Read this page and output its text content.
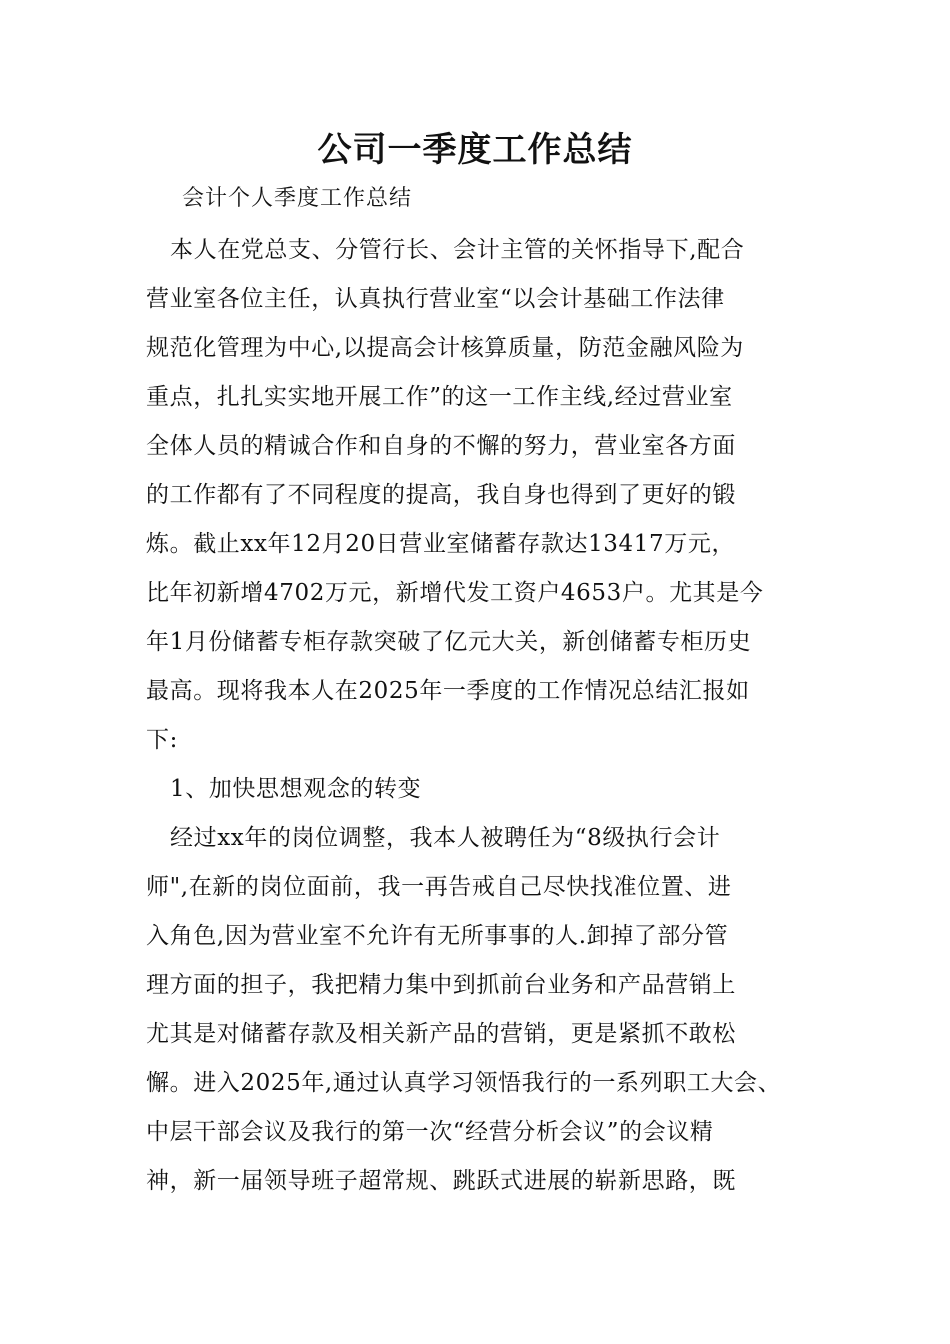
公司一季度工作总结
会计个人季度工作总结
本人在党总支、分管行长、会计主管的关怀指导下,配合
营业室各位主任，认真执行营业室“以会计基础工作法律
规范化管理为中心,以提高会计核算质量，防范金融风险为
重点，扎扎实实地开展工作”的这一工作主线,经过营业室
全体人员的精诚合作和自身的不懈的努力，营业室各方面
的工作都有了不同程度的提高，我自身也得到了更好的锻
炼。截止xx年12月20日营业室储蓄存款达13417万元，
比年初新增4702万元，新增代发工资户4653户。尤其是今
年1月份储蓄专柜存款突破了亿元大关，新创储蓄专柜历史
最高。现将我本人在2025年一季度的工作情况总结汇报如
下:
1、加快思想观念的转变
经过xx年的岗位调整，我本人被聘任为“8级执行会计
师",在新的岗位面前，我一再告戒自己尽快找准位置、进
入角色,因为营业室不允许有无所事事的人.卸掉了部分管
理方面的担子，我把精力集中到抓前台业务和产品营销上
尤其是对储蓄存款及相关新产品的营销，更是紧抓不敢松
懈。进入2025年,通过认真学习领悟我行的一系列职工大会、
中层干部会议及我行的第一次“经营分析会议”的会议精
神，新一届领导班子超常规、跳跃式进展的崭新思路，既
